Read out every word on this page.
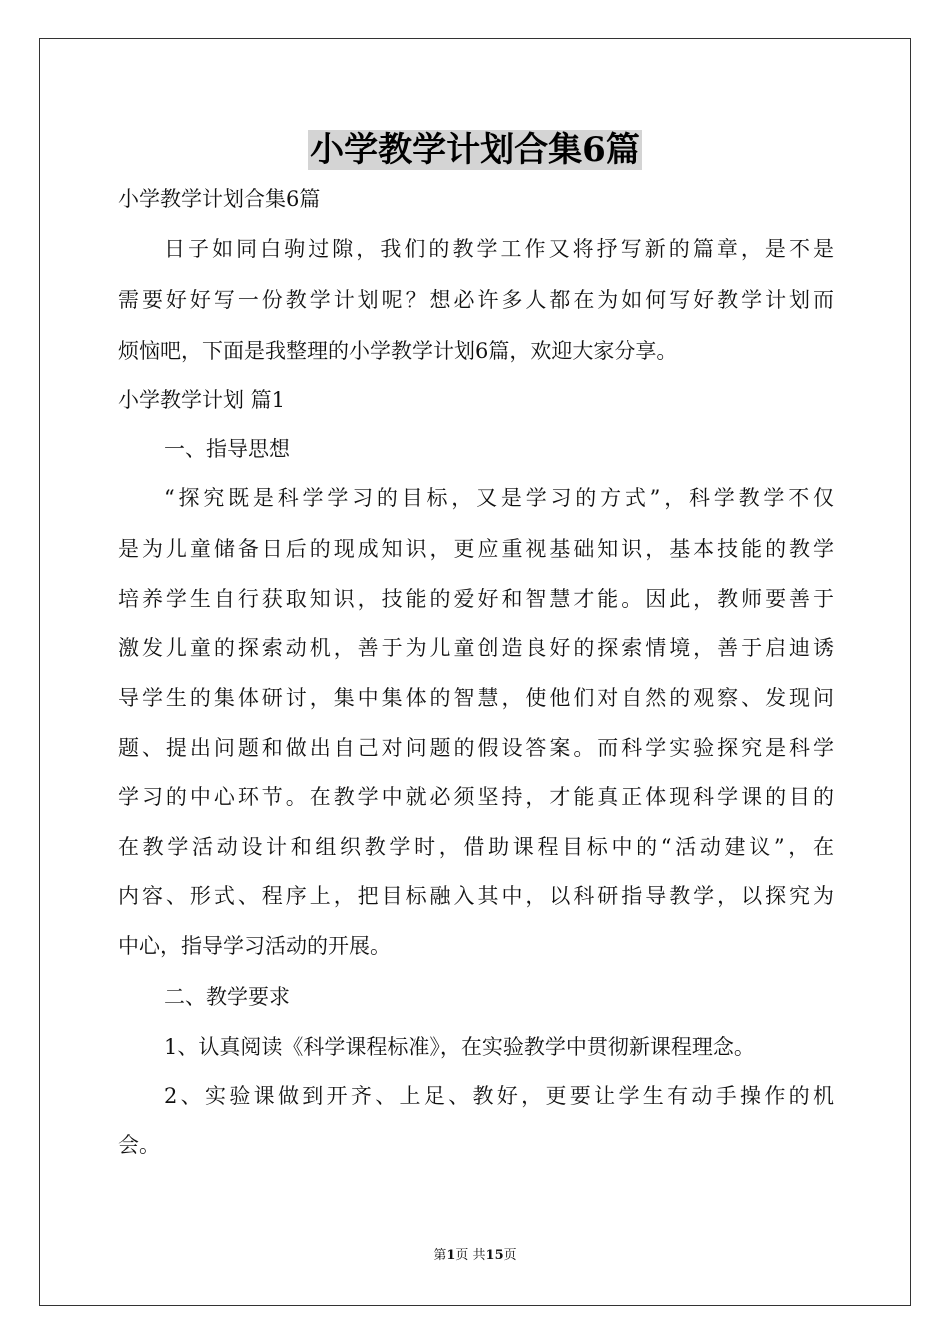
小学教学计划合集6篇
小学教学计划合集6篇
日子如同白驹过隙，我们的教学工作又将抒写新的篇章，是不是
需要好好写一份教学计划呢？想必许多人都在为如何写好教学计划而
烦恼吧，下面是我整理的小学教学计划6篇，欢迎大家分享。
小学教学计划 篇1
一、指导思想
“探究既是科学学习的目标，又是学习的方式”，科学教学不仅
是为儿童储备日后的现成知识，更应重视基础知识，基本技能的教学
培养学生自行获取知识，技能的爱好和智慧才能。因此，教师要善于
激发儿童的探索动机，善于为儿童创造良好的探索情境，善于启迪诱
导学生的集体研讨，集中集体的智慧，使他们对自然的观察、发现问
题、提出问题和做出自己对问题的假设答案。而科学实验探究是科学
学习的中心环节。在教学中就必须坚持，才能真正体现科学课的目的
在教学活动设计和组织教学时，借助课程目标中的“活动建议”，在
内容、形式、程序上，把目标融入其中，以科研指导教学，以探究为
中心，指导学习活动的开展。
二、教学要求
1、认真阅读《科学课程标准》，在实验教学中贯彻新课程理念。
2、实验课做到开齐、上足、教好，更要让学生有动手操作的机
会。
第1页 共15页
